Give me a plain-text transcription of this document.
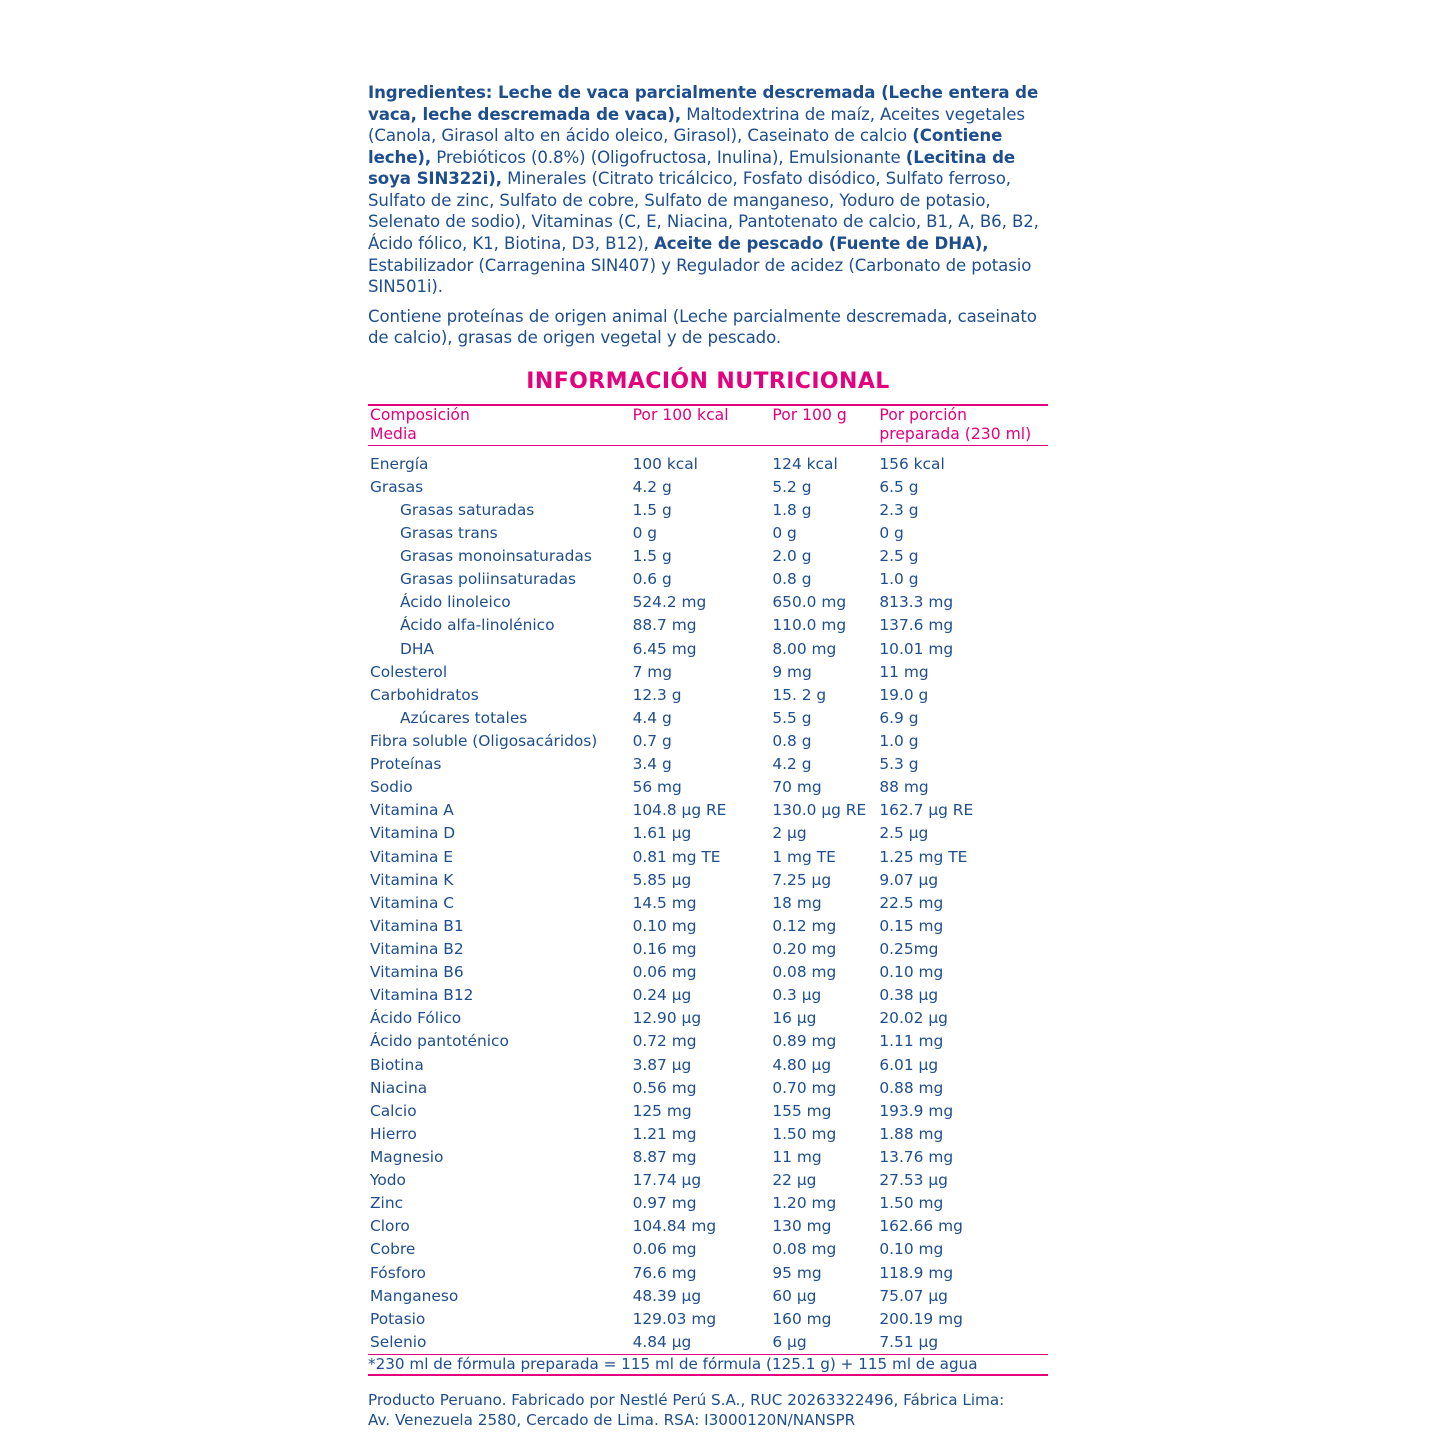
Ingredientes: Leche de vaca parcialmente descremada (Leche entera de vaca, leche descremada de vaca), Maltodextrina de maíz, Aceites vegetales (Canola, Girasol alto en ácido oleico, Girasol), Caseinato de calcio (Contiene leche), Prebióticos (0.8%) (Oligofructosa, Inulina), Emulsionante (Lecitina de soya SIN322i), Minerales (Citrato tricálcico, Fosfato disódico, Sulfato ferroso, Sulfato de zinc, Sulfato de cobre, Sulfato de manganeso, Yoduro de potasio, Selenato de sodio), Vitaminas (C, E, Niacina, Pantotenato de calcio, B1, A, B6, B2, Ácido fólico, K1, Biotina, D3, B12), Aceite de pescado (Fuente de DHA), Estabilizador (Carragenina SIN407) y Regulador de acidez (Carbonato de potasio SIN501i).

Contiene proteínas de origen animal (Leche parcialmente descremada, caseinato de calcio), grasas de origen vegetal y de pescado.

INFORMACIÓN NUTRICIONAL
Composición
Media	Por 100 kcal	Por 100 g	Por porción
preparada (230 ml)

Energía	100 kcal	124 kcal	156 kcal
Grasas	4.2 g	5.2 g	6.5 g
Grasas saturadas	1.5 g	1.8 g	2.3 g
Grasas trans	0 g	0 g	0 g
Grasas monoinsaturadas	1.5 g	2.0 g	2.5 g
Grasas poliinsaturadas	0.6 g	0.8 g	1.0 g
Ácido linoleico	524.2 mg	650.0 mg	813.3 mg
Ácido alfa-linolénico	88.7 mg	110.0 mg	137.6 mg
DHA	6.45 mg	8.00 mg	10.01 mg
Colesterol	7 mg	9 mg	11 mg
Carbohidratos	12.3 g	15. 2 g	19.0 g
Azúcares totales	4.4 g	5.5 g	6.9 g
Fibra soluble (Oligosacáridos)	0.7 g	0.8 g	1.0 g
Proteínas	3.4 g	4.2 g	5.3 g
Sodio	56 mg	70 mg	88 mg
Vitamina A	104.8 µg RE	130.0 µg RE	162.7 µg RE
Vitamina D	1.61 µg	2 µg	2.5 µg
Vitamina E	0.81 mg TE	1 mg TE	1.25 mg TE
Vitamina K	5.85 µg	7.25 µg	9.07 µg
Vitamina C	14.5 mg	18 mg	22.5 mg
Vitamina B1	0.10 mg	0.12 mg	0.15 mg
Vitamina B2	0.16 mg	0.20 mg	0.25mg
Vitamina B6	0.06 mg	0.08 mg	0.10 mg
Vitamina B12	0.24 µg	0.3 µg	0.38 µg
Ácido Fólico	12.90 µg	16 µg	20.02 µg
Ácido pantoténico	0.72 mg	0.89 mg	1.11 mg
Biotina	3.87 µg	4.80 µg	6.01 µg
Niacina	0.56 mg	0.70 mg	0.88 mg
Calcio	125 mg	155 mg	193.9 mg
Hierro	1.21 mg	1.50 mg	1.88 mg
Magnesio	8.87 mg	11 mg	13.76 mg
Yodo	17.74 µg	22 µg	27.53 µg
Zinc	0.97 mg	1.20 mg	1.50 mg
Cloro	104.84 mg	130 mg	162.66 mg
Cobre	0.06 mg	0.08 mg	0.10 mg
Fósforo	76.6 mg	95 mg	118.9 mg
Manganeso	48.39 µg	60 µg	75.07 µg
Potasio	129.03 mg	160 mg	200.19 mg
Selenio	4.84 µg	6 µg	7.51 µg
*230 ml de fórmula preparada = 115 ml de fórmula (125.1 g) + 115 ml de agua			

Producto Peruano. Fabricado por Nestlé Perú S.A., RUC 20263322496, Fábrica Lima:
Av. Venezuela 2580, Cercado de Lima. RSA: I3000120N/NANSPR
